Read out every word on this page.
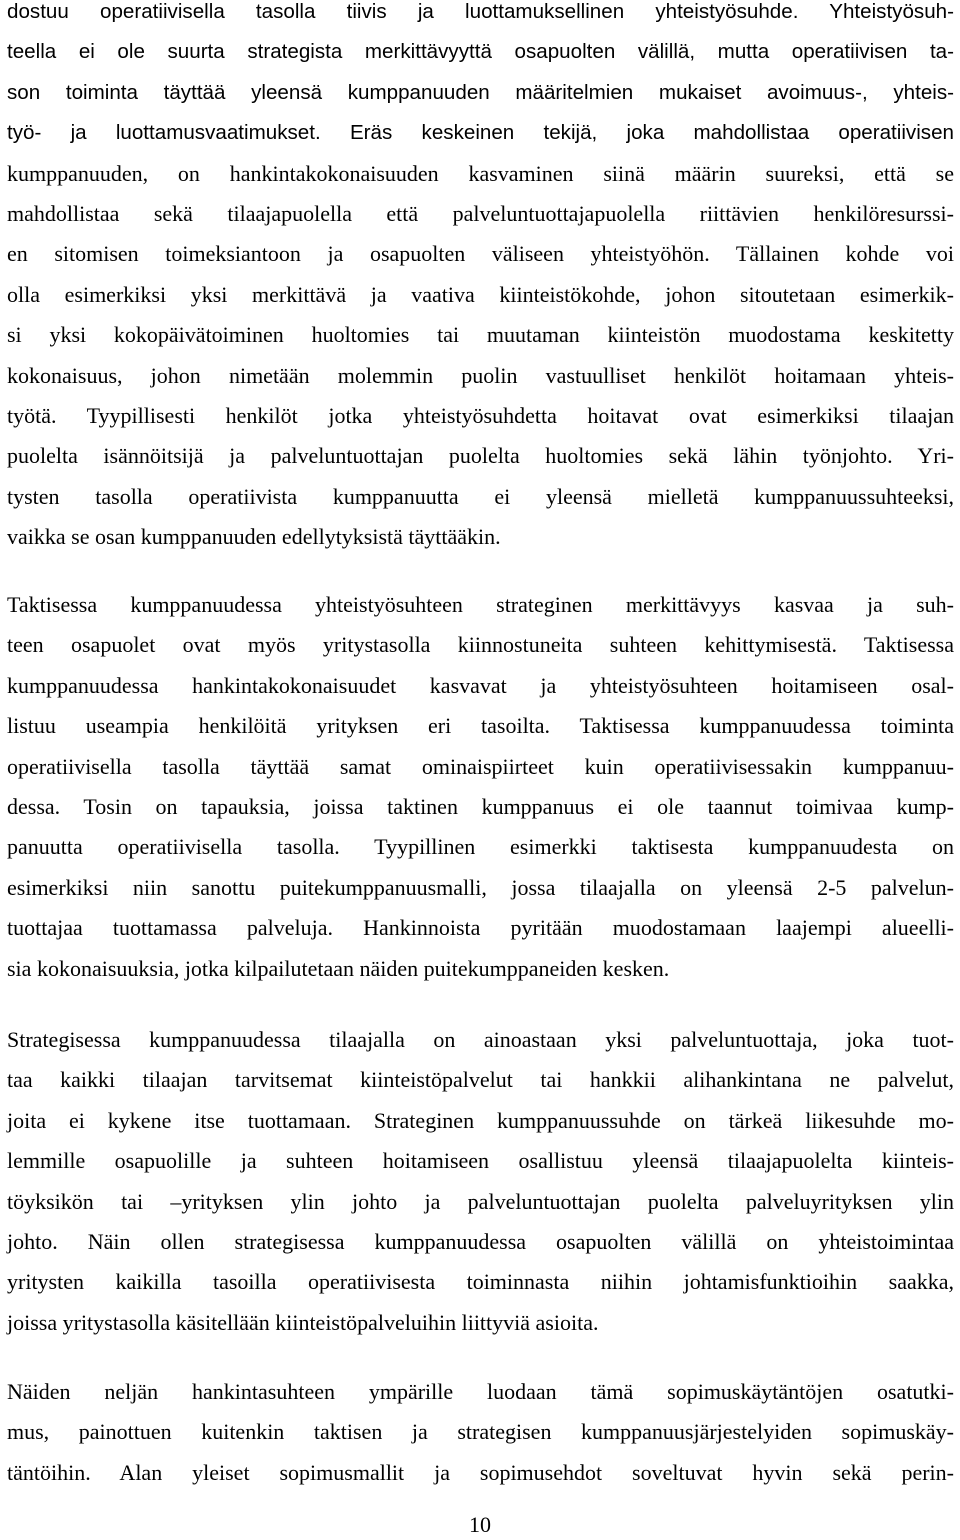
dostuu operatiivisella tasolla tiivis ja luottamuksellinen yhteistyösuhde. Yhteistyösuh-
teella ei ole suurta strategista merkittävyyttä osapuolten välillä, mutta operatiivisen ta-
son toiminta täyttää yleensä kumppanuuden määritelmien mukaiset avoimuus-, yhteis-
työ- ja luottamusvaatimukset. Eräs keskeinen tekijä, joka mahdollistaa operatiivisen
kumppanuuden, on hankintakokonaisuuden kasvaminen siinä määrin suureksi, että se
mahdollistaa sekä tilaajapuolella että palveluntuottajapuolella riittävien henkilöresurssi-
en sitomisen toimeksiantoon ja osapuolten väliseen yhteistyöhön. Tällainen kohde voi
olla esimerkiksi yksi merkittävä ja vaativa kiinteistökohde, johon sitoutetaan esimerkik-
si yksi kokopäivätoiminen huoltomies tai muutaman kiinteistön muodostama keskitetty
kokonaisuus, johon nimetään molemmin puolin vastuulliset henkilöt hoitamaan yhteis-
työtä. Tyypillisesti henkilöt jotka yhteistyösuhdetta hoitavat ovat esimerkiksi tilaajan
puolelta isännöitsijä ja palveluntuottajan puolelta huoltomies sekä lähin työnjohto. Yri-
tysten tasolla operatiivista kumppanuutta ei yleensä mielletä kumppanuussuhteeksi,
vaikka se osan kumppanuuden edellytyksistä täyttääkin.
Taktisessa kumppanuudessa yhteistyösuhteen strateginen merkittävyys kasvaa ja suh-
teen osapuolet ovat myös yritystasolla kiinnostuneita suhteen kehittymisestä. Taktisessa
kumppanuudessa hankintakokonaisuudet kasvavat ja yhteistyösuhteen hoitamiseen osal-
listuu useampia henkilöitä yrityksen eri tasoilta. Taktisessa kumppanuudessa toiminta
operatiivisella tasolla täyttää samat ominaispiirteet kuin operatiivisessakin kumppanuu-
dessa. Tosin on tapauksia, joissa taktinen kumppanuus ei ole taannut toimivaa kump-
panuutta operatiivisella tasolla. Tyypillinen esimerkki taktisesta kumppanuudesta on
esimerkiksi niin sanottu puitekumppanuusmalli, jossa tilaajalla on yleensä 2-5 palvelun-
tuottajaa tuottamassa palveluja. Hankinnoista pyritään muodostamaan laajempi alueelli-
sia kokonaisuuksia, jotka kilpailutetaan näiden puitekumppaneiden kesken.
Strategisessa kumppanuudessa tilaajalla on ainoastaan yksi palveluntuottaja, joka tuot-
taa kaikki tilaajan tarvitsemat kiinteistöpalvelut tai hankkii alihankintana ne palvelut,
joita ei kykene itse tuottamaan. Strateginen kumppanuussuhde on tärkeä liikesuhde mo-
lemmille osapuolille ja suhteen hoitamiseen osallistuu yleensä tilaajapuolelta kiinteis-
töyksikön tai –yrityksen ylin johto ja palveluntuottajan puolelta palveluyrityksen ylin
johto. Näin ollen strategisessa kumppanuudessa osapuolten välillä on yhteistoimintaa
yritysten kaikilla tasoilla operatiivisesta toiminnasta niihin johtamisfunktioihin saakka,
joissa yritystasolla käsitellään kiinteistöpalveluihin liittyviä asioita.
Näiden neljän hankintasuhteen ympärille luodaan tämä sopimuskäytäntöjen osatutki-
mus, painottuen kuitenkin taktisen ja strategisen kumppanuusjärjestelyiden sopimuskäy-
täntöihin. Alan yleiset sopimusmallit ja sopimusehdot soveltuvat hyvin sekä perin-
10
